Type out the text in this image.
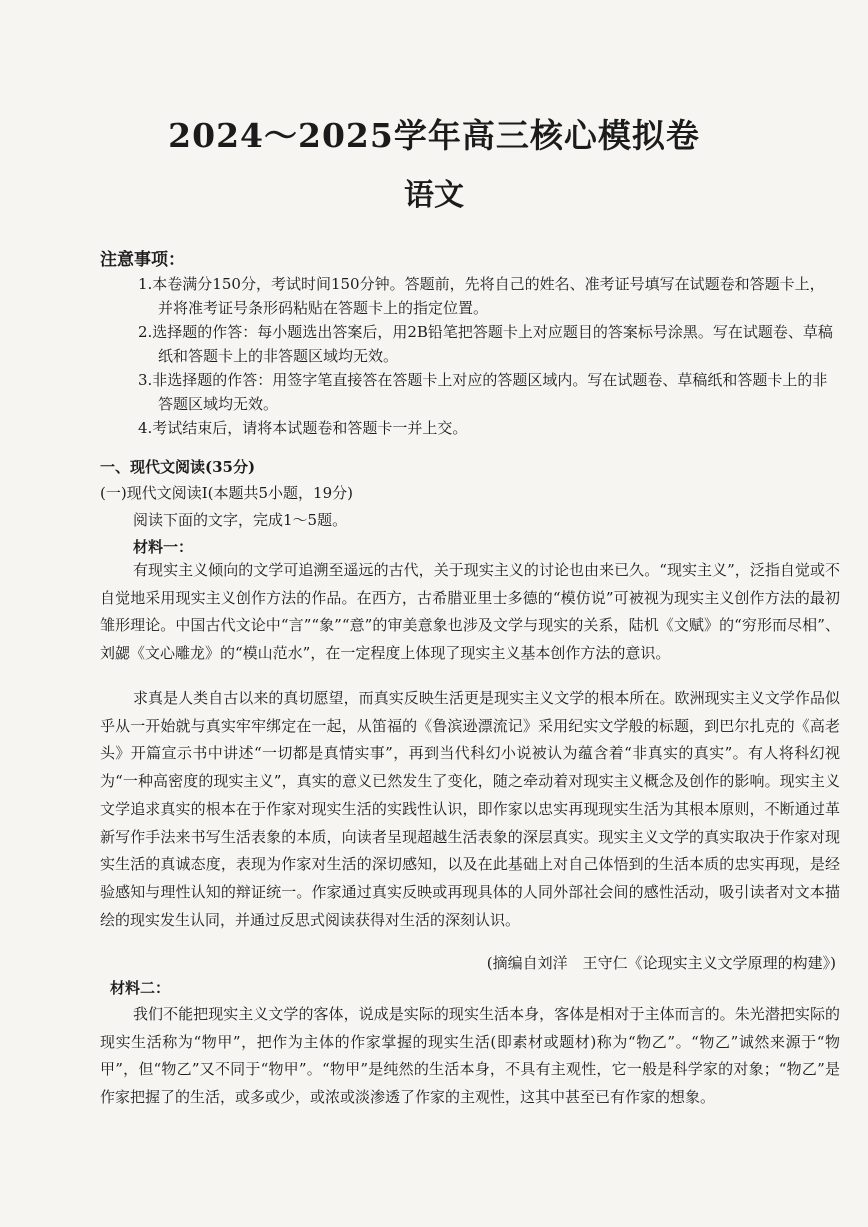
2024～2025学年高三核心模拟卷
语文
注意事项：
1.本卷满分150分，考试时间150分钟。答题前，先将自己的姓名、准考证号填写在试题卷和答题卡上，并将准考证号条形码粘贴在答题卡上的指定位置。
2.选择题的作答：每小题选出答案后，用2B铅笔把答题卡上对应题目的答案标号涂黑。写在试题卷、草稿纸和答题卡上的非答题区域均无效。
3.非选择题的作答：用签字笔直接答在答题卡上对应的答题区域内。写在试题卷、草稿纸和答题卡上的非答题区域均无效。
4.考试结束后，请将本试题卷和答题卡一并上交。
一、现代文阅读(35分)
(一)现代文阅读Ⅰ(本题共5小题，19分)
阅读下面的文字，完成1～5题。
材料一：
有现实主义倾向的文学可追溯至遥远的古代，关于现实主义的讨论也由来已久。“现实主义”，泛指自觉或不自觉地采用现实主义创作方法的作品。在西方，古希腊亚里士多德的“模仿说”可被视为现实主义创作方法的最初雏形理论。中国古代文论中“言”“象”“意”的审美意象也涉及文学与现实的关系，陆机《文赋》的“穷形而尽相”、刘勰《文心雕龙》的“模山范水”，在一定程度上体现了现实主义基本创作方法的意识。
求真是人类自古以来的真切愿望，而真实反映生活更是现实主义文学的根本所在。欧洲现实主义文学作品似乎从一开始就与真实牢牢绑定在一起，从笛福的《鲁滨逊漂流记》采用纪实文学般的标题，到巴尔扎克的《高老头》开篇宣示书中讲述“一切都是真情实事”，再到当代科幻小说被认为蕴含着“非真实的真实”。有人将科幻视为“一种高密度的现实主义”，真实的意义已然发生了变化，随之牵动着对现实主义概念及创作的影响。现实主义文学追求真实的根本在于作家对现实生活的实践性认识，即作家以忠实再现现实生活为其根本原则，不断通过革新写作手法来书写生活表象的本质，向读者呈现超越生活表象的深层真实。现实主义文学的真实取决于作家对现实生活的真诚态度，表现为作家对生活的深切感知，以及在此基础上对自己体悟到的生活本质的忠实再现，是经验感知与理性认知的辩证统一。作家通过真实反映或再现具体的人同外部社会间的感性活动，吸引读者对文本描绘的现实发生认同，并通过反思式阅读获得对生活的深刻认识。
(摘编自刘洋　王守仁《论现实主义文学原理的构建》)
材料二：
我们不能把现实主义文学的客体，说成是实际的现实生活本身，客体是相对于主体而言的。朱光潜把实际的现实生活称为“物甲”，把作为主体的作家掌握的现实生活(即素材或题材)称为“物乙”。“物乙”诚然来源于“物甲”，但“物乙”又不同于“物甲”。“物甲”是纯然的生活本身，不具有主观性，它一般是科学家的对象；“物乙”是作家把握了的生活，或多或少，或浓或淡渗透了作家的主观性，这其中甚至已有作家的想象。
